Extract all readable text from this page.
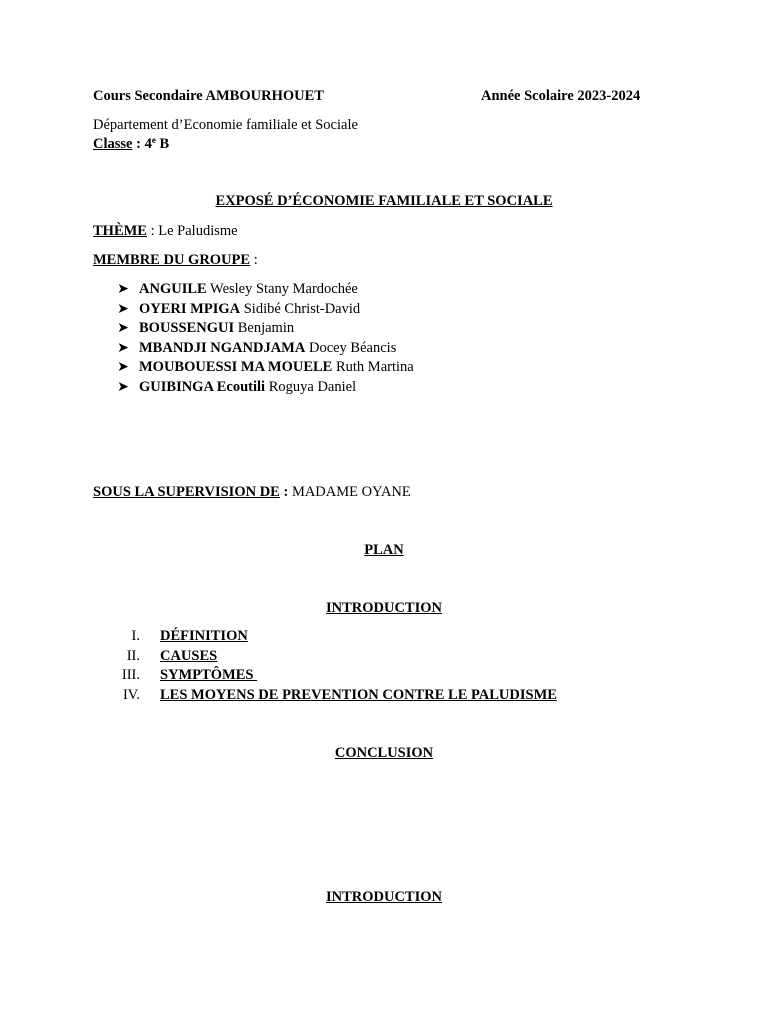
Cours Secondaire AMBOURHOUET	Année Scolaire 2023-2024
Département d’Economie familiale et Sociale
Classe : 4e B
EXPOSÉ D’ÉCONOMIE FAMILIALE ET SOCIALE
THÈME : Le Paludisme
MEMBRE DU GROUPE :
➤ ANGUILE Wesley Stany Mardochée
➤ OYERI MPIGA Sidibé Christ-David
➤ BOUSSENGUI Benjamin
➤ MBANDJI NGANDJAMA Docey Béancis
➤ MOUBOUESSI MA MOUELE Ruth Martina
➤ GUIBINGA Ecoutili Roguya Daniel
SOUS LA SUPERVISION DE : MADAME OYANE
PLAN
INTRODUCTION
I. DÉFINITION
II. CAUSES
III. SYMPTÔMES
IV. LES MOYENS DE PREVENTION CONTRE LE PALUDISME
CONCLUSION
INTRODUCTION
